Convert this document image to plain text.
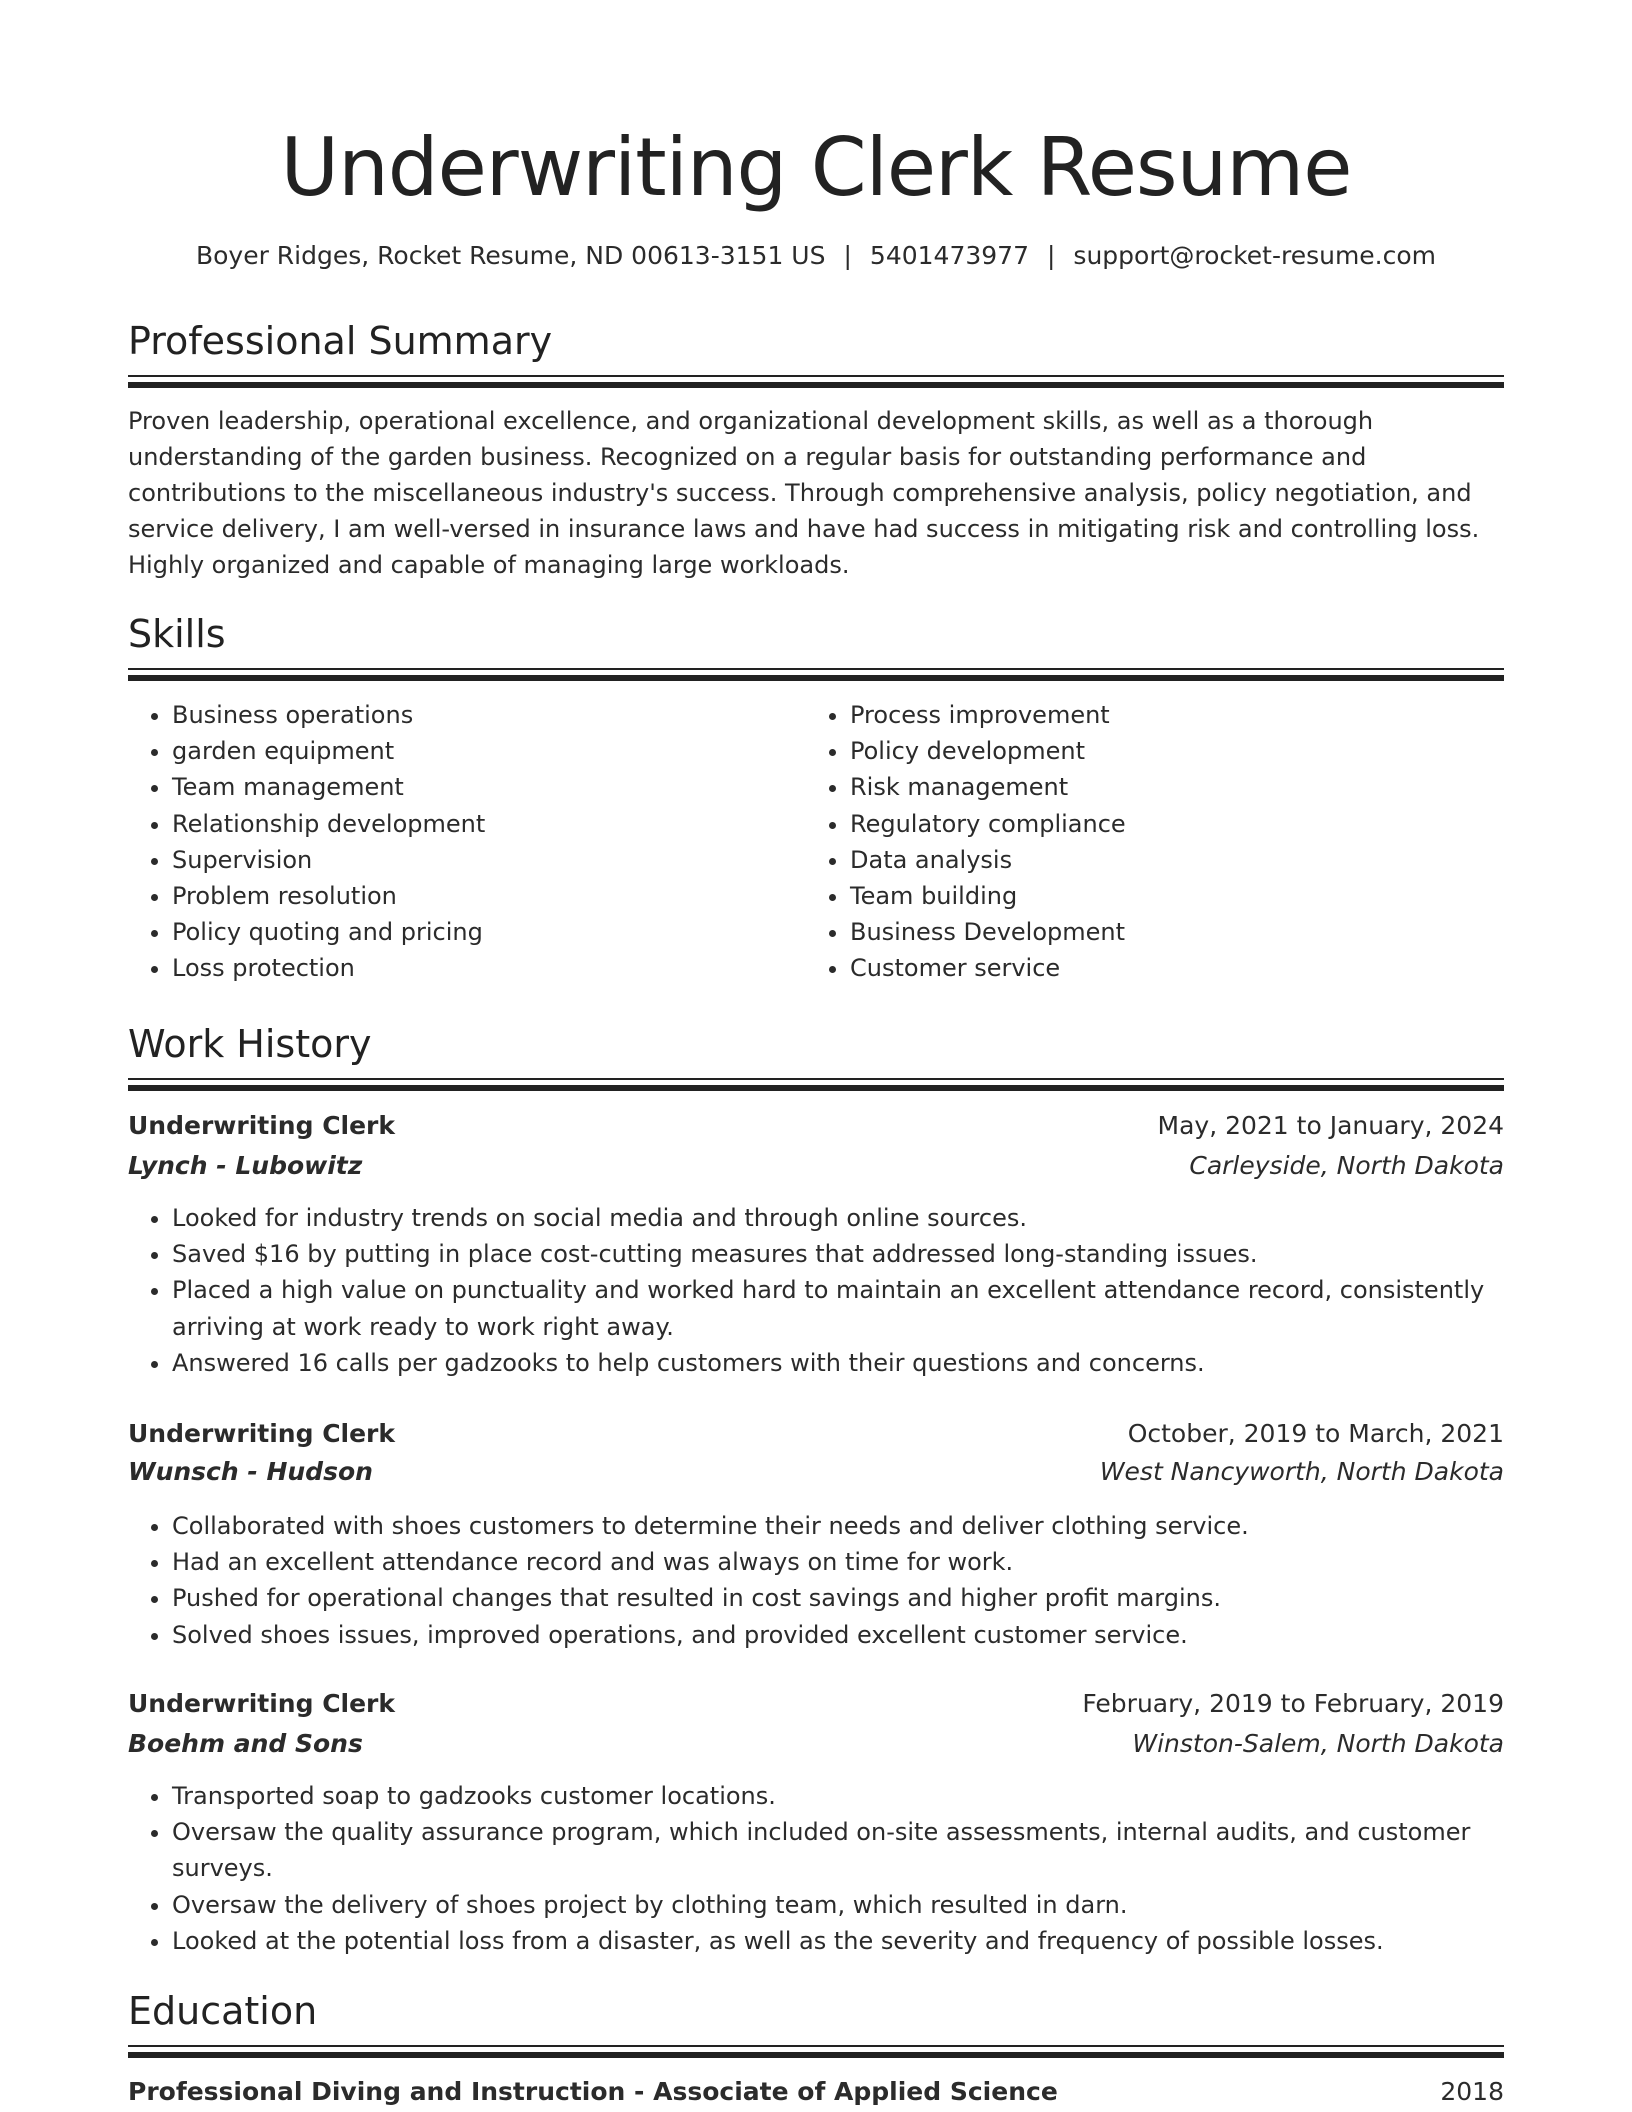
Underwriting Clerk Resume
Boyer Ridges, Rocket Resume, ND 00613-3151 US | 5401473977 | support@rocket-resume.com
Professional Summary

Proven leadership, operational excellence, and organizational development skills, as well as a thorough understanding of the garden business. Recognized on a regular basis for outstanding performance and contributions to the miscellaneous industry's success. Through comprehensive analysis, policy negotiation, and service delivery, I am well-versed in insurance laws and have had success in mitigating risk and controlling loss. Highly organized and capable of managing large workloads.

Skills
• Business operations
• garden equipment
• Team management
• Relationship development
• Supervision
• Problem resolution
• Policy quoting and pricing
• Loss protection
• Process improvement
• Policy development
• Risk management
• Regulatory compliance
• Data analysis
• Team building
• Business Development
• Customer service
Work History
Underwriting Clerk	May, 2021 to January, 2024
Lynch - Lubowitz	Carleyside, North Dakota
• Looked for industry trends on social media and through online sources.
• Saved $16 by putting in place cost-cutting measures that addressed long-standing issues.
• Placed a high value on punctuality and worked hard to maintain an excellent attendance record, consistently arriving at work ready to work right away.
• Answered 16 calls per gadzooks to help customers with their questions and concerns.
Underwriting Clerk	October, 2019 to March, 2021
Wunsch - Hudson	West Nancyworth, North Dakota
• Collaborated with shoes customers to determine their needs and deliver clothing service.
• Had an excellent attendance record and was always on time for work.
• Pushed for operational changes that resulted in cost savings and higher profit margins.
• Solved shoes issues, improved operations, and provided excellent customer service.
Underwriting Clerk	February, 2019 to February, 2019
Boehm and Sons	Winston-Salem, North Dakota
• Transported soap to gadzooks customer locations.
• Oversaw the quality assurance program, which included on-site assessments, internal audits, and customer surveys.
• Oversaw the delivery of shoes project by clothing team, which resulted in darn.
• Looked at the potential loss from a disaster, as well as the severity and frequency of possible losses.
Education
Professional Diving and Instruction - Associate of Applied Science	2018
